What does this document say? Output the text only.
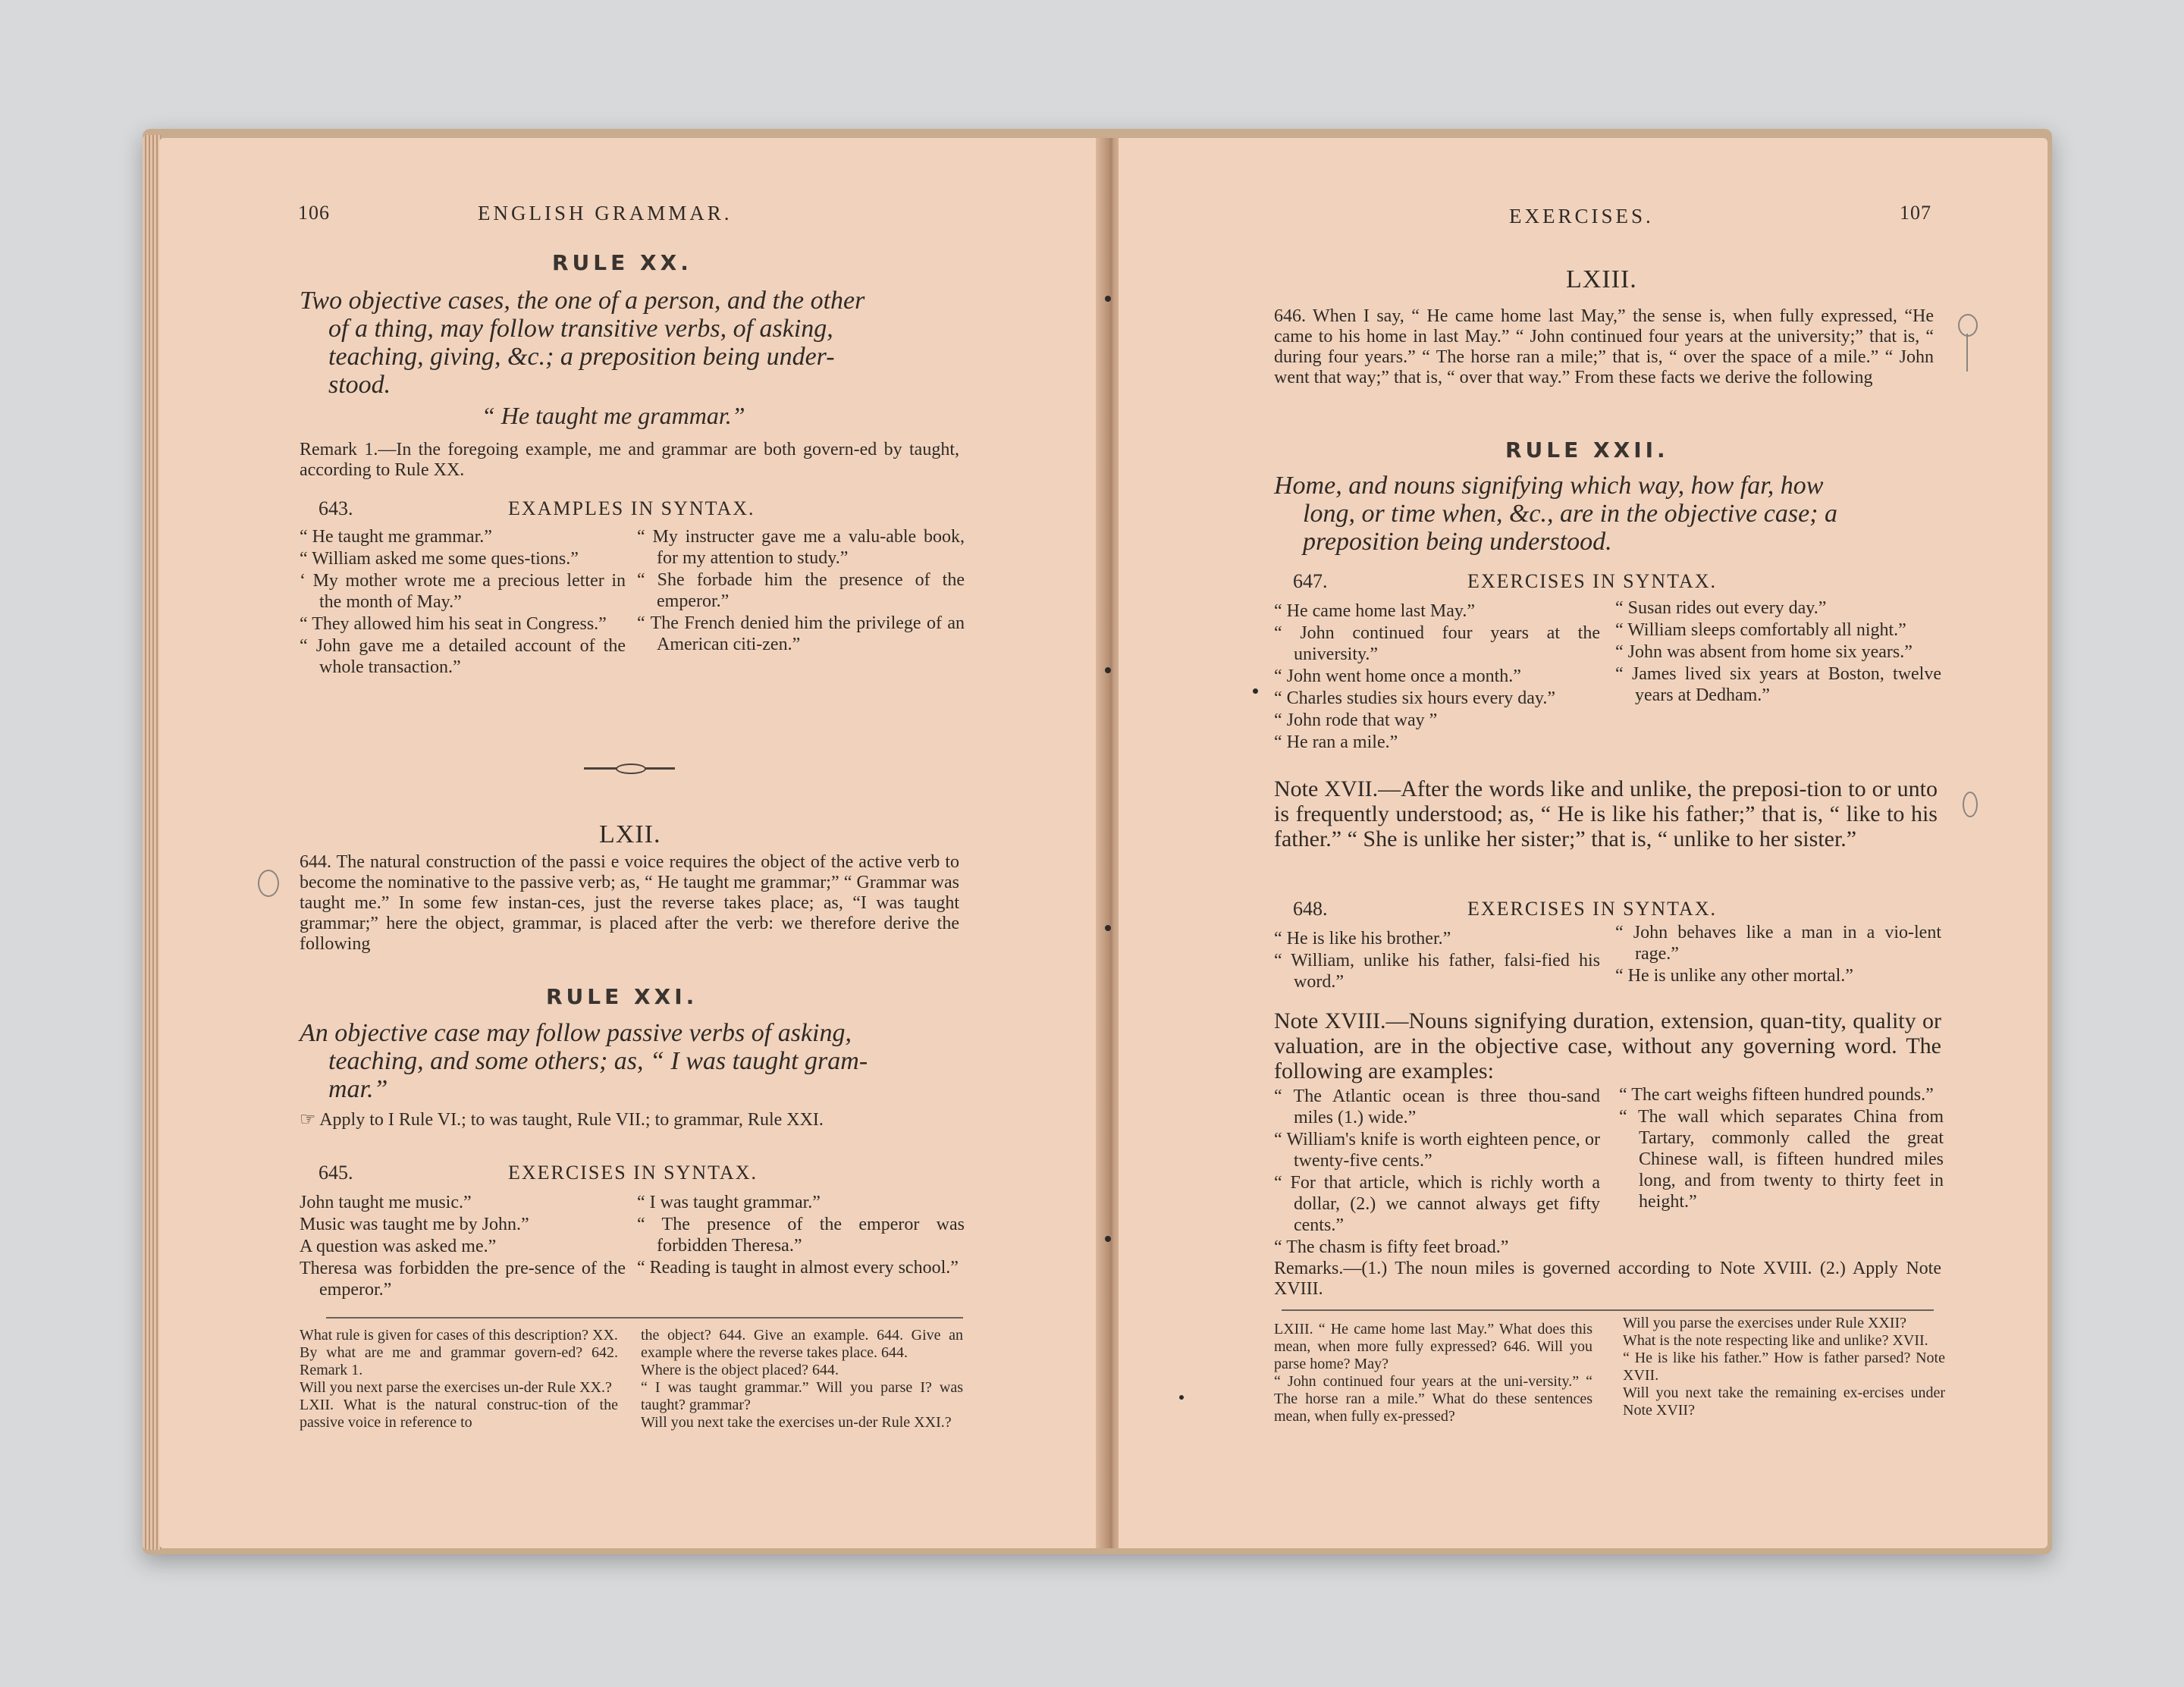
106	ENGLISH GRAMMAR.
RULE XX.
Two objective cases, the one of a person, and the other
of a thing, may follow transitive verbs, of asking,
teaching, giving, &c.; a preposition being under-
stood.
“ He taught me grammar.”

Remark 1.—In the foregoing example, me and grammar are both govern-ed by taught, according to Rule XX.

643.	EXAMPLES IN SYNTAX.
“ He taught me grammar.”
“ William asked me some ques-tions.”
‘ My mother wrote me a precious letter in the month of May.”
“ They allowed him his seat in Congress.”
“ John gave me a detailed account of the whole transaction.”
“ My instructer gave me a valu-able book, for my attention to study.”
“ She forbade him the presence of the emperor.”
“ The French denied him the privilege of an American citi-zen.”
LXII.

644. The natural construction of the passi e voice requires the object of the active verb to become the nominative to the passive verb; as, “ He taught me grammar;” “ Grammar was taught me.” In some few instan-ces, just the reverse takes place; as, “I was taught grammar;” here the object, grammar, is placed after the verb: we therefore derive the following

RULE XXI.
An objective case may follow passive verbs of asking,
teaching, and some others; as, “ I was taught gram-
mar.”

☞ Apply to I Rule VI.; to was taught, Rule VII.; to grammar, Rule XXI.

645.	EXERCISES IN SYNTAX.
John taught me music.”
Music was taught me by John.”
A question was asked me.”
Theresa was forbidden the pre-sence of the emperor.”
“ I was taught grammar.”
“ The presence of the emperor was forbidden Theresa.”
“ Reading is taught in almost every school.”

What rule is given for cases of this description? XX.

By what are me and grammar govern-ed? 642. Remark 1.

Will you next parse the exercises un-der Rule XX.?

LXII. What is the natural construc-tion of the passive voice in reference to

the object? 644. Give an example. 644. Give an example where the reverse takes place. 644.

Where is the object placed? 644.

“ I was taught grammar.” Will you parse I? was taught? grammar?

Will you next take the exercises un-der Rule XXI.?

EXERCISES.	107
LXIII.

646. When I say, “ He came home last May,” the sense is, when fully expressed, “He came to his home in last May.” “ John continued four years at the university;” that is, “ during four years.” “ The horse ran a mile;” that is, “ over the space of a mile.” “ John went that way;” that is, “ over that way.” From these facts we derive the following

RULE XXII.
Home, and nouns signifying which way, how far, how
long, or time when, &c., are in the objective case; a
preposition being understood.
647.	EXERCISES IN SYNTAX.
“ He came home last May.”
“ John continued four years at the university.”
“ John went home once a month.”
“ Charles studies six hours every day.”
“ John rode that way ”
“ He ran a mile.”
“ Susan rides out every day.”
“ William sleeps comfortably all night.”
“ John was absent from home six years.”
“ James lived six years at Boston, twelve years at Dedham.”

Note XVII.—After the words like and unlike, the preposi-tion to or unto is frequently understood; as, “ He is like his father;” that is, “ like to his father.” “ She is unlike her sister;” that is, “ unlike to her sister.”

648.	EXERCISES IN SYNTAX.
“ He is like his brother.”
“ William, unlike his father, falsi-fied his word.”
“ John behaves like a man in a vio-lent rage.”
“ He is unlike any other mortal.”

Note XVIII.—Nouns signifying duration, extension, quan-tity, quality or valuation, are in the objective case, without any governing word. The following are examples:

“ The Atlantic ocean is three thou-sand miles (1.) wide.”
“ William's knife is worth eighteen pence, or twenty-five cents.”
“ For that article, which is richly worth a dollar, (2.) we cannot always get fifty cents.”
“ The chasm is fifty feet broad.”
“ The cart weighs fifteen hundred pounds.”
“ The wall which separates China from Tartary, commonly called the great Chinese wall, is fifteen hundred miles long, and from twenty to thirty feet in height.”

Remarks.—(1.) The noun miles is governed according to Note XVIII. (2.) Apply Note XVIII.

LXIII. “ He came home last May.” What does this mean, when more fully expressed? 646. Will you parse home? May?

“ John continued four years at the uni-versity.” “ The horse ran a mile.” What do these sentences mean, when fully ex-pressed?

Will you parse the exercises under Rule XXII?

What is the note respecting like and unlike? XVII.

“ He is like his father.” How is father parsed? Note XVII.

Will you next take the remaining ex-ercises under Note XVII?
